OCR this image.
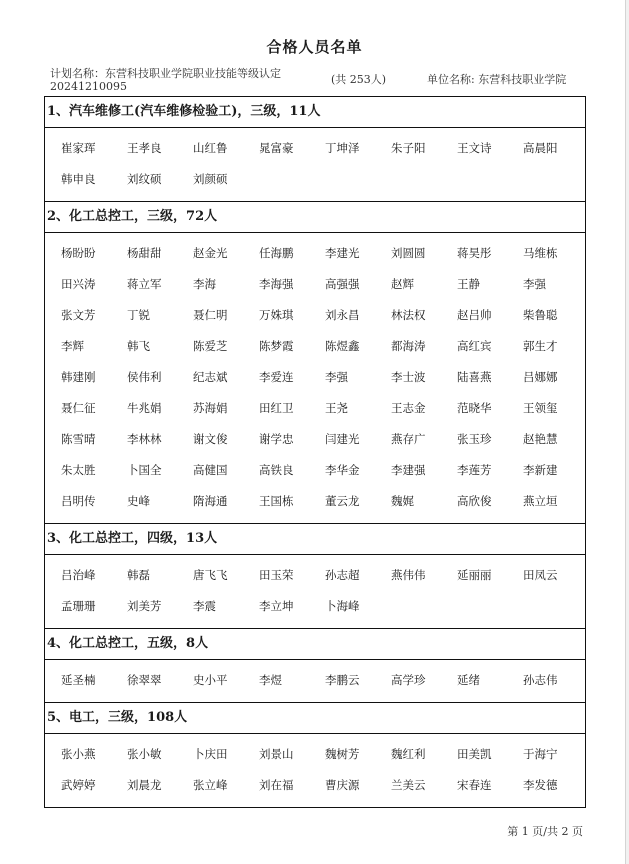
合格人员名单
计划名称：东营科技职业学院职业技能等级认定20241210095
(共 253人)	单位名称: 东营科技职业学院
1、汽车维修工(汽车维修检验工)，三级，11人
崔家珲	王孝良	山红鲁	晁富豪	丁坤泽	朱子阳	王文诗	高晨阳
韩申良	刘纹硕	刘颜硕
2、化工总控工，三级，72人
杨盼盼	杨甜甜	赵金光	任海鹏	李建光	刘圆圆	蒋昊彤	马维栋
田兴涛	蒋立军	李海	李海强	高强强	赵辉	王静	李强
张文芳	丁锐	聂仁明	万姝琪	刘永昌	林法权	赵吕帅	柴鲁聪
李辉	韩飞	陈爱芝	陈梦霞	陈煜鑫	都海涛	高红宾	郭生才
韩建刚	侯伟利	纪志斌	李爱连	李强	李士波	陆喜燕	吕娜娜
聂仁征	牛兆娟	苏海娟	田红卫	王尧	王志金	范晓华	王领玺
陈雪晴	李林林	谢文俊	谢学忠	闫建光	燕存广	张玉珍	赵艳慧
朱太胜	卜国全	高健国	高铁良	李华金	李建强	李莲芳	李新建
吕明传	史峰	隋海通	王国栋	董云龙	魏娓	高欣俊	燕立垣
3、化工总控工，四级，13人
吕治峰	韩磊	唐飞飞	田玉荣	孙志超	燕伟伟	延丽丽	田凤云
孟珊珊	刘美芳	李震	李立坤	卜海峰
4、化工总控工，五级，8人
延圣楠	徐翠翠	史小平	李煜	李鹏云	高学珍	延绪	孙志伟
5、电工，三级，108人
张小燕	张小敏	卜庆田	刘景山	魏树芳	魏红利	田美凯	于海宁
武婷婷	刘晨龙	张立峰	刘在福	曹庆源	兰美云	宋春连	李发德
第 1 页/共 2 页
